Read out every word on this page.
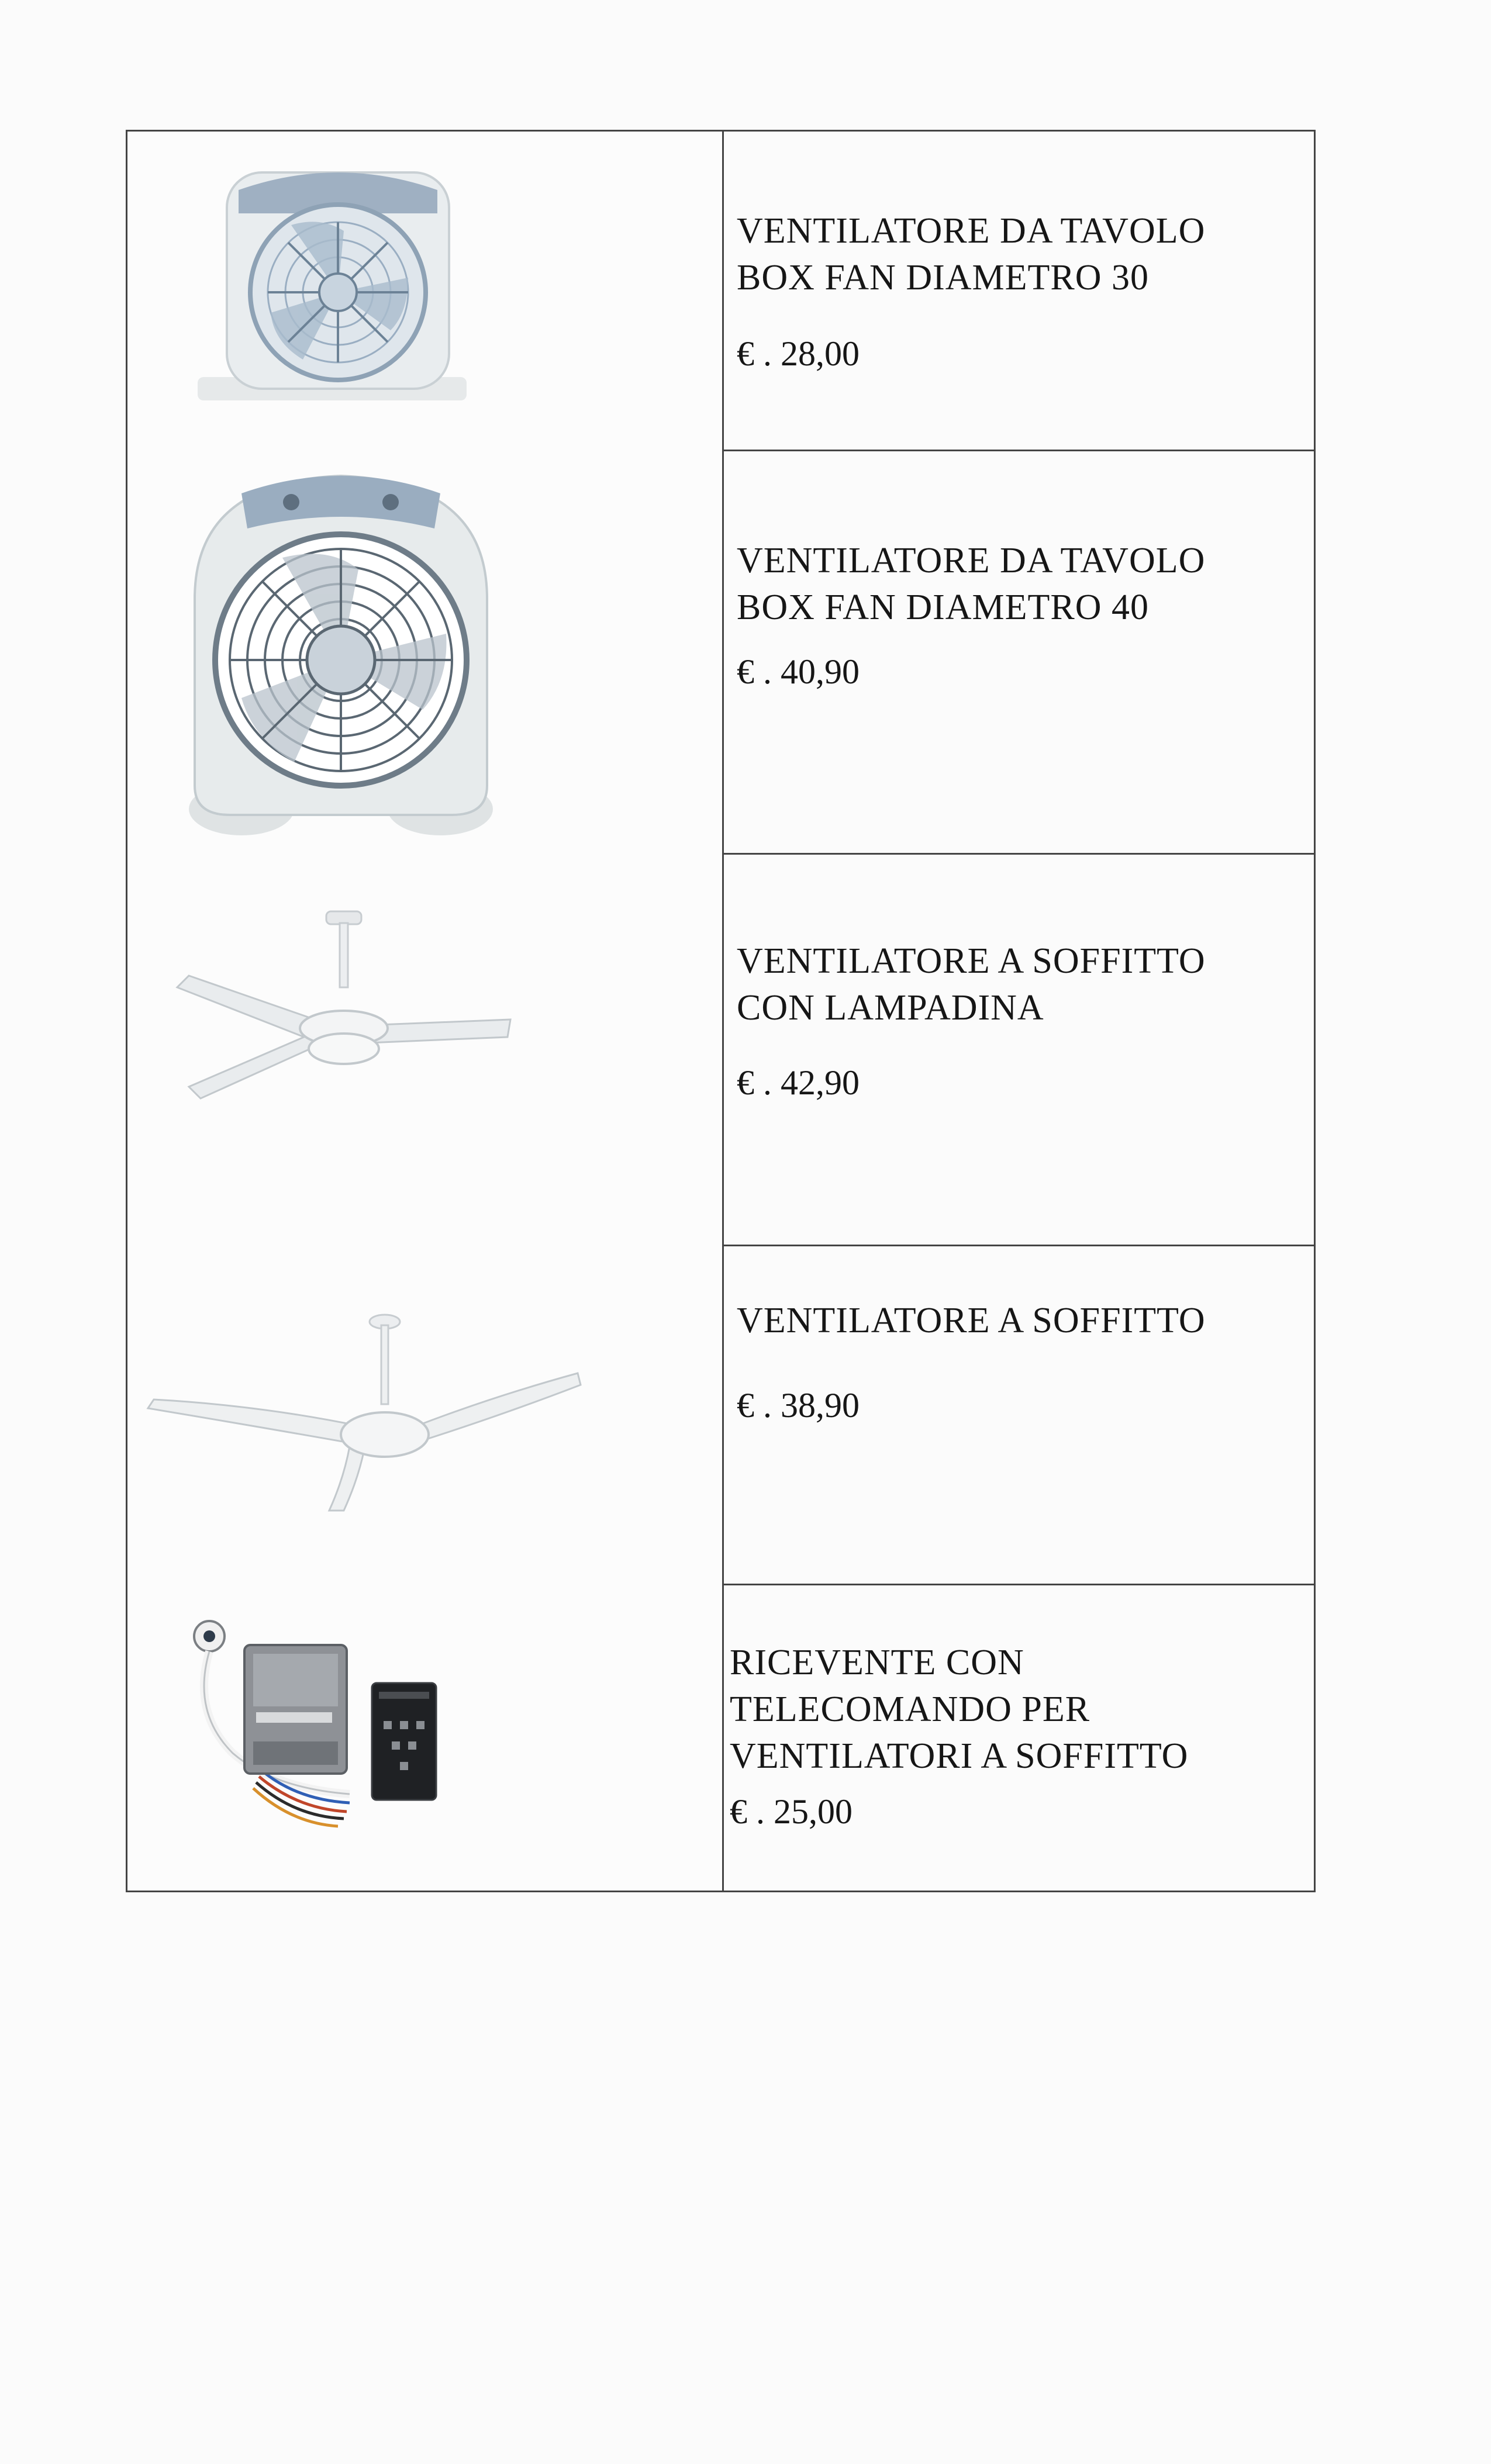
VENTILATORE DA TAVOLO
BOX FAN DIAMETRO 30

€ . 28,00

VENTILATORE DA TAVOLO
BOX FAN DIAMETRO 40

€ . 40,90

VENTILATORE A SOFFITTO
CON LAMPADINA

€ . 42,90

VENTILATORE A SOFFITTO

€ . 38,90

RICEVENTE CON
TELECOMANDO PER
VENTILATORI A SOFFITTO

€ . 25,00
